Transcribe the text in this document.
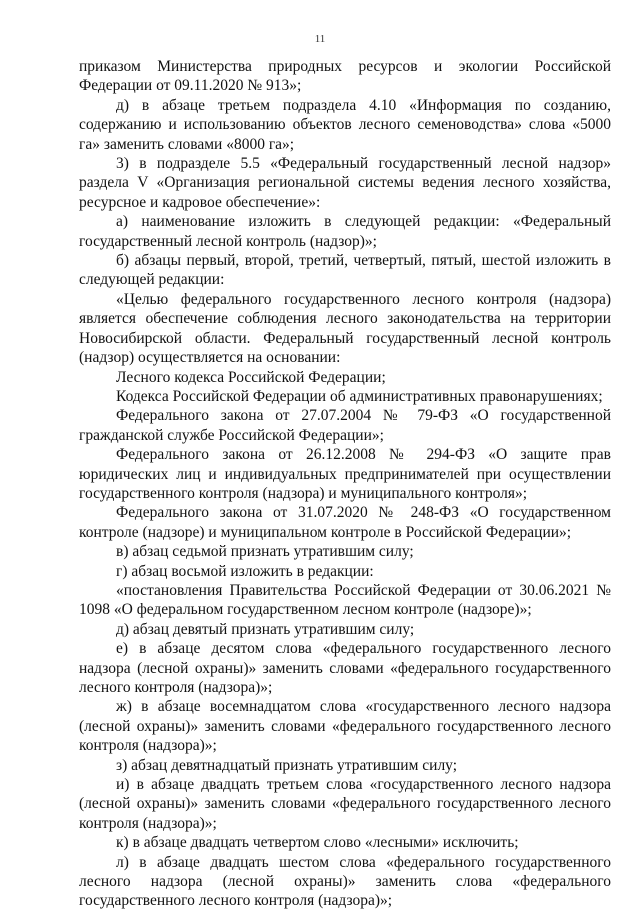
11

приказом Министерства природных ресурсов и экологии Российской Федерации от 09.11.2020 № 913»;

д) в абзаце третьем подраздела 4.10 «Информация по созданию, содержанию и использованию объектов лесного семеноводства» слова «5000 га» заменить словами «8000 га»;

3) в подразделе 5.5 «Федеральный государственный лесной надзор» раздела V «Организация региональной системы ведения лесного хозяйства, ресурсное и кадровое обеспечение»:

а) наименование изложить в следующей редакции: «Федеральный государственный лесной контроль (надзор)»;

б) абзацы первый, второй, третий, четвертый, пятый, шестой изложить в следующей редакции:

«Целью федерального государственного лесного контроля (надзора) является обеспечение соблюдения лесного законодательства на территории Новосибирской области. Федеральный государственный лесной контроль (надзор) осуществляется на основании:

Лесного кодекса Российской Федерации;

Кодекса Российской Федерации об административных правонарушениях;

Федерального закона от 27.07.2004 № 79-ФЗ «О государственной гражданской службе Российской Федерации»;

Федерального закона от 26.12.2008 № 294-ФЗ «О защите прав юридических лиц и индивидуальных предпринимателей при осуществлении государственного контроля (надзора) и муниципального контроля»;

Федерального закона от 31.07.2020 № 248-ФЗ «О государственном контроле (надзоре) и муниципальном контроле в Российской Федерации»;

в) абзац седьмой признать утратившим силу;

г) абзац восьмой изложить в редакции:

«постановления Правительства Российской Федерации от 30.06.2021 № 1098 «О федеральном государственном лесном контроле (надзоре)»;

д) абзац девятый признать утратившим силу;

е) в абзаце десятом слова «федерального государственного лесного надзора (лесной охраны)» заменить словами «федерального государственного лесного контроля (надзора)»;

ж) в абзаце восемнадцатом слова «государственного лесного надзора (лесной охраны)» заменить словами «федерального государственного лесного контроля (надзора)»;

з) абзац девятнадцатый признать утратившим силу;

и) в абзаце двадцать третьем слова «государственного лесного надзора (лесной охраны)» заменить словами «федерального государственного лесного контроля (надзора)»;

к) в абзаце двадцать четвертом слово «лесными» исключить;

л) в абзаце двадцать шестом слова «федерального государственного лесного надзора (лесной охраны)» заменить слова «федерального государственного лесного контроля (надзора)»;
